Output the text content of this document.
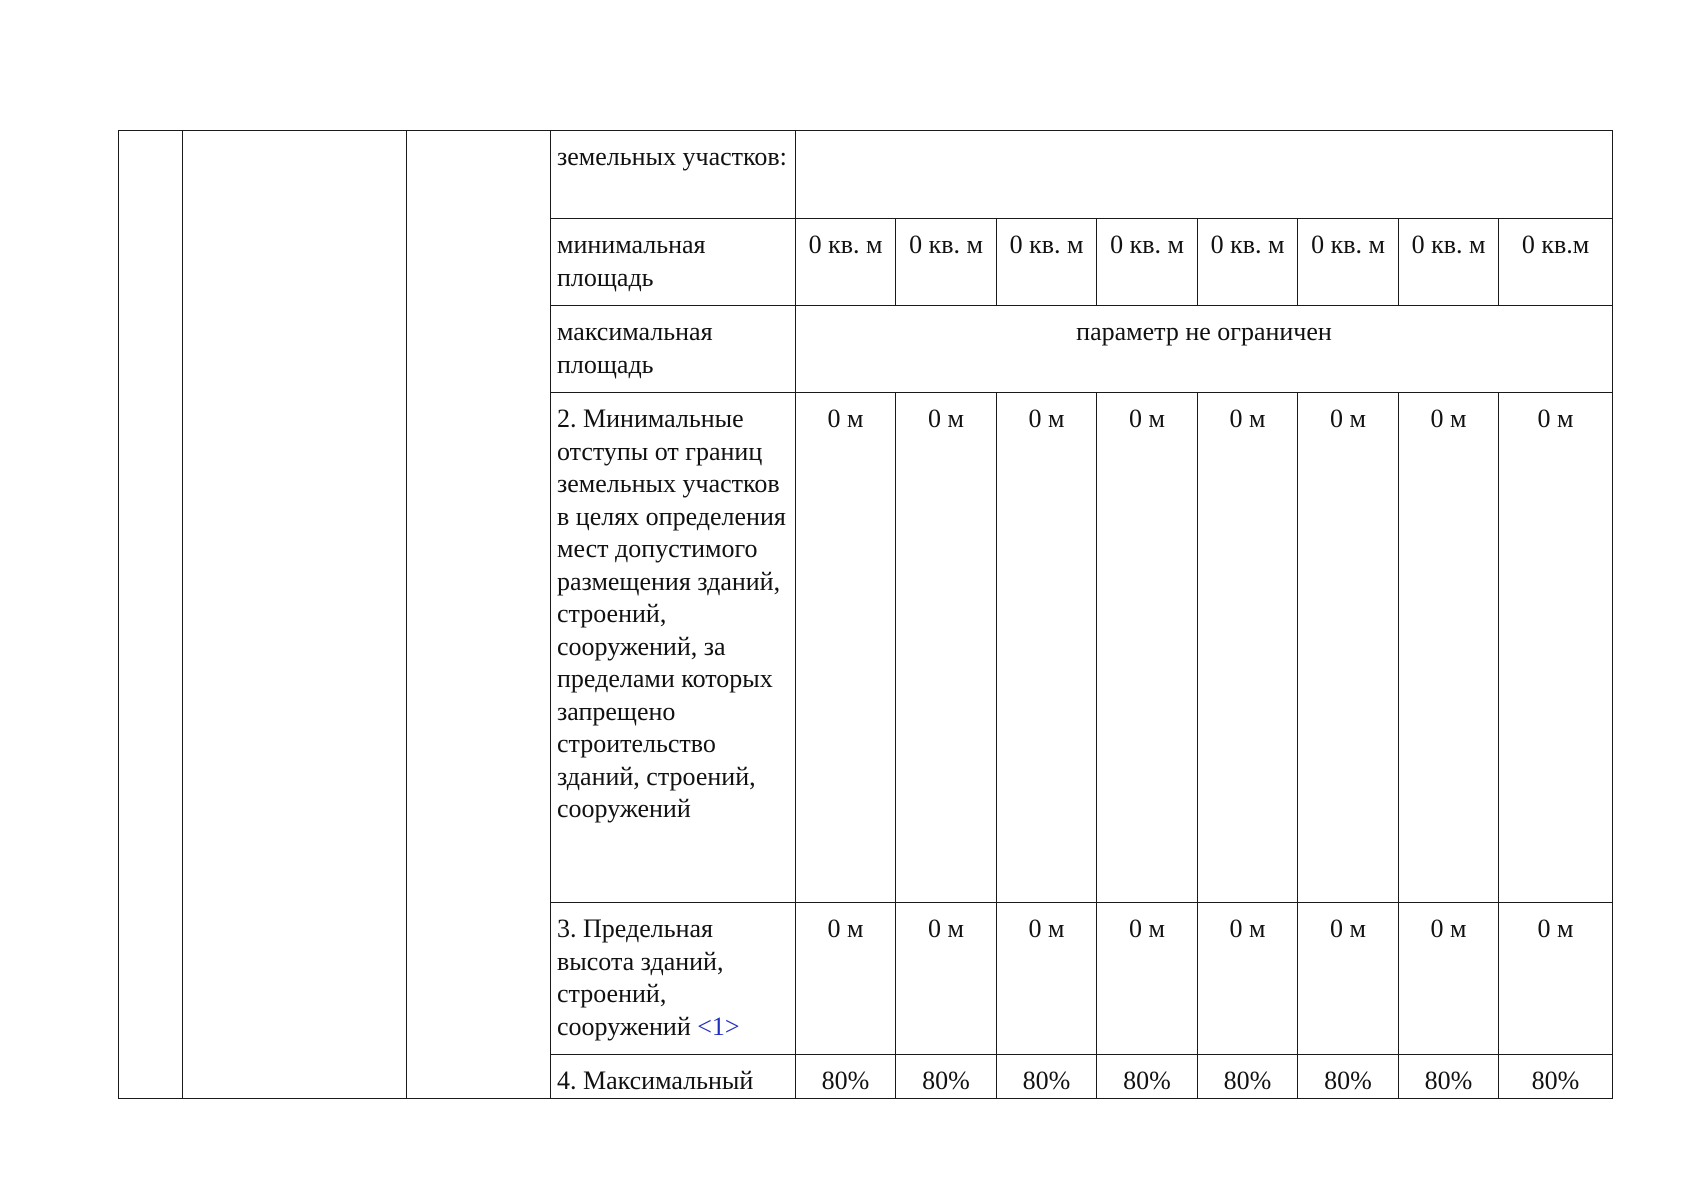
			земельных участков:								
			минимальная площадь	0 кв. м	0 кв. м	0 кв. м	0 кв. м	0 кв. м	0 кв. м	0 кв. м	0 кв.м
			максимальная площадь	параметр не ограничен							
			2. Минимальные отступы от границ земельных участков в целях определения мест допустимого размещения зданий, строений, сооружений, за пределами которых запрещено строительство зданий, строений, сооружений	0 м	0 м	0 м	0 м	0 м	0 м	0 м	0 м
			3. Предельная высота зданий, строений, сооружений <1>	0 м	0 м	0 м	0 м	0 м	0 м	0 м	0 м
			4. Максимальный	80%	80%	80%	80%	80%	80%	80%	80%
